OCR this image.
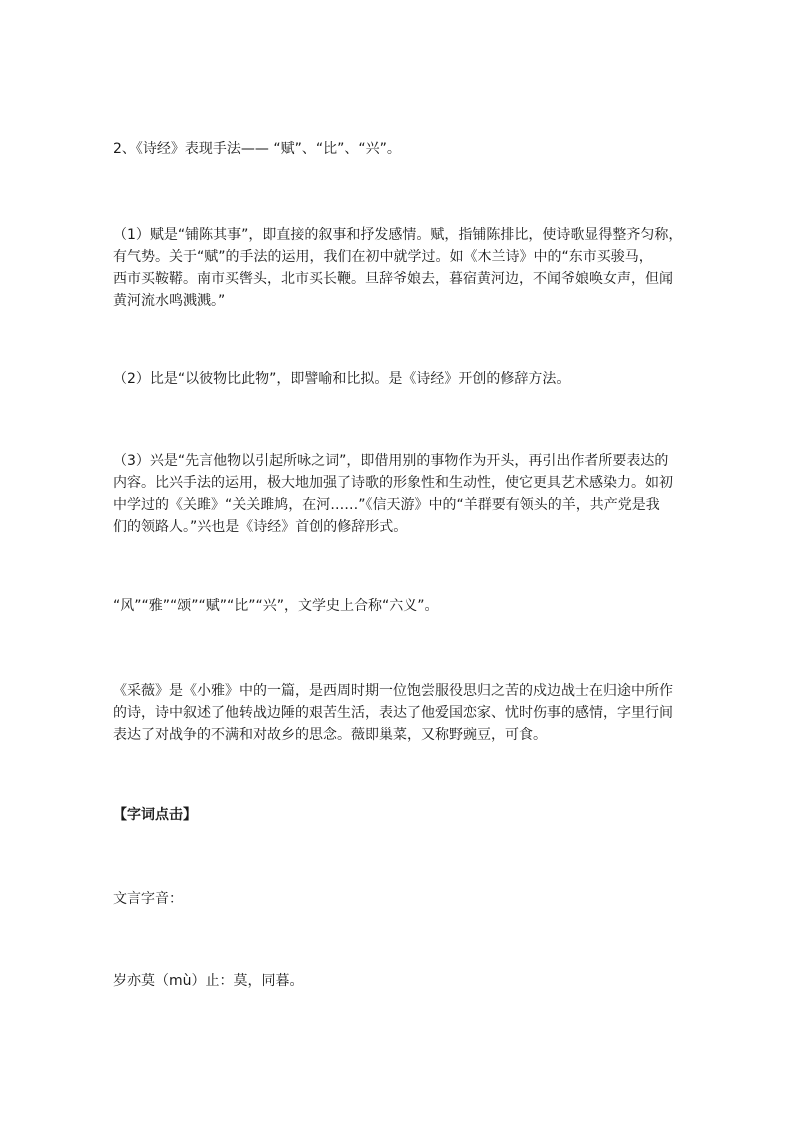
2、《诗经》表现手法—— “赋”、“比”、“兴”。

（1）赋是“铺陈其事”，即直接的叙事和抒发感情。赋，指铺陈排比，使诗歌显得整齐匀称，
有气势。关于“赋”的手法的运用，我们在初中就学过。如《木兰诗》中的“东市买骏马，
西市买鞍鞯。南市买辔头，北市买长鞭。旦辞爷娘去，暮宿黄河边，不闻爷娘唤女声，但闻
黄河流水鸣溅溅。”

（2）比是“以彼物比此物”，即譬喻和比拟。是《诗经》开创的修辞方法。

（3）兴是“先言他物以引起所咏之词”，即借用别的事物作为开头，再引出作者所要表达的
内容。比兴手法的运用，极大地加强了诗歌的形象性和生动性，使它更具艺术感染力。如初
中学过的《关雎》“关关雎鸠，在河……”《信天游》中的“羊群要有领头的羊，共产党是我
们的领路人。”兴也是《诗经》首创的修辞形式。

“风”“雅”“颂”“赋”“比”“兴”，文学史上合称“六义”。

《采薇》是《小雅》中的一篇，是西周时期一位饱尝服役思归之苦的戍边战士在归途中所作
的诗，诗中叙述了他转战边陲的艰苦生活，表达了他爱国恋家、忧时伤事的感情，字里行间
表达了对战争的不满和对故乡的思念。薇即巢菜，又称野豌豆，可食。

【字词点击】

文言字音：

岁亦莫（mù）止：莫，同暮。
